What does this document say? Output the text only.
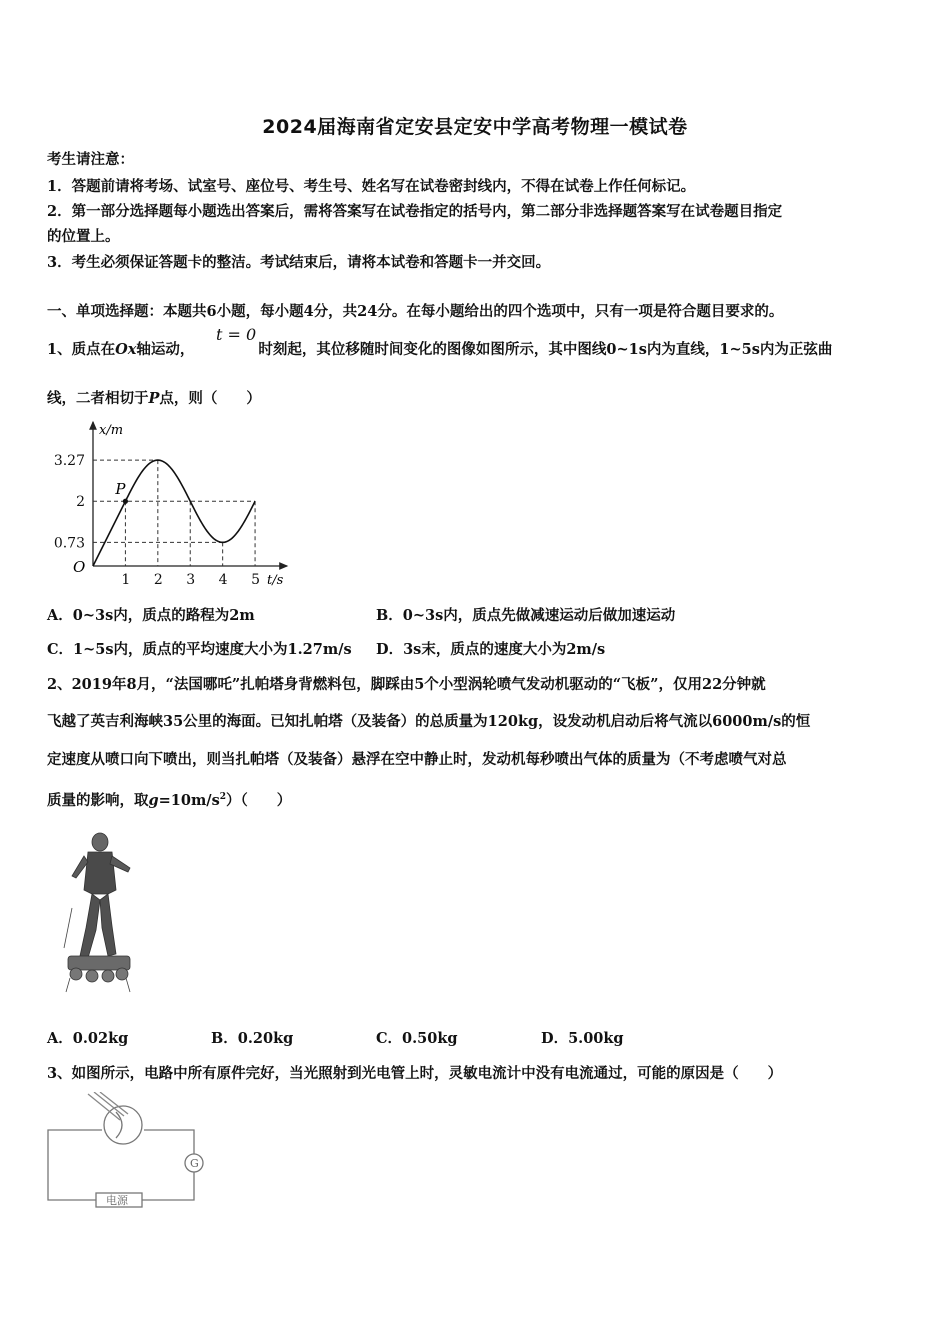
2024届海南省定安县定安中学高考物理一模试卷
考生请注意：
1．答题前请将考场、试室号、座位号、考生号、姓名写在试卷密封线内，不得在试卷上作任何标记。
2．第一部分选择题每小题选出答案后，需将答案写在试卷指定的括号内，第二部分非选择题答案写在试卷题目指定
的位置上。
3．考生必须保证答题卡的整洁。考试结束后，请将本试卷和答题卡一并交回。
一、单项选择题：本题共6小题，每小题4分，共24分。在每小题给出的四个选项中，只有一项是符合题目要求的。
1、质点在Ox轴运动，	时刻起，其位移随时间变化的图像如图所示，其中图线0~1s内为直线，1~5s内为正弦曲
t = 0
线，二者相切于P点，则（　　）
1 2 3 4 5
3.27
2
0.73
P
x/m
t/s
O
A．0~3s内，质点的路程为2m	B．0~3s内，质点先做减速运动后做加速运动
C．1~5s内，质点的平均速度大小为1.27m/s D．3s末，质点的速度大小为2m/s
2、2019年8月，“法国哪吒”扎帕塔身背燃料包，脚踩由5个小型涡轮喷气发动机驱动的“飞板”，仅用22分钟就
飞越了英吉利海峡35公里的海面。已知扎帕塔（及装备）的总质量为120kg，设发动机启动后将气流以6000m/s的恒
定速度从喷口向下喷出，则当扎帕塔（及装备）悬浮在空中静止时，发动机每秒喷出气体的质量为（不考虑喷气对总
质量的影响，取$g=10m/s^2$）（　　）
A．0.02kg	B．0.20kg	C．0.50kg	D．5.00kg
3、如图所示，电路中所有原件完好，当光照射到光电管上时，灵敏电流计中没有电流通过，可能的原因是（　　）
G
电源
